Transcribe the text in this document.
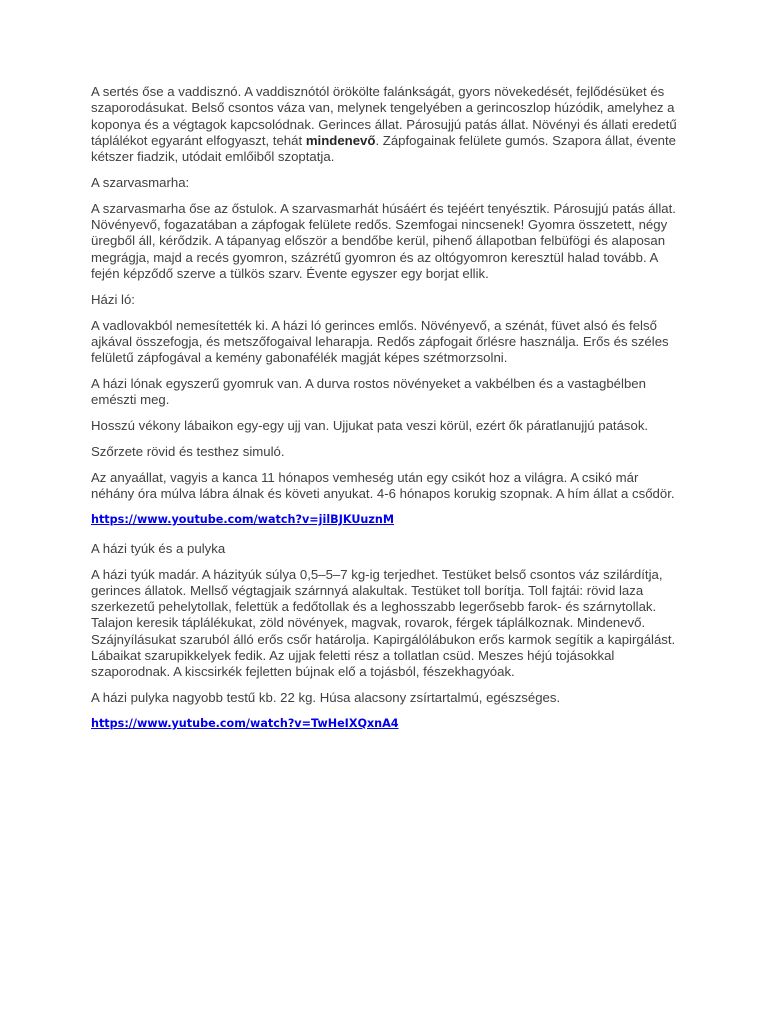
A sertés őse a vaddisznó. A vaddisznótól örökölte falánkságát, gyors növekedését, fejlődésüket és szaporodásukat. Belső csontos váza van, melynek tengelyében a gerincoszlop húzódik, amelyhez a koponya és a végtagok kapcsolódnak. Gerinces állat. Párosujjú patás állat. Növényi és állati eredetű táplálékot egyaránt elfogyaszt, tehát mindenevő. Zápfogainak felülete gumós. Szapora állat, évente kétszer fiadzik, utódait emlőiből szoptatja.

A szarvasmarha:

A szarvasmarha őse az őstulok. A szarvasmarhát húsáért és tejéért tenyésztik. Párosujjú patás állat. Növényevő, fogazatában a zápfogak felülete redős. Szemfogai nincsenek! Gyomra összetett, négy üregből áll, kérődzik. A tápanyag először a bendőbe kerül, pihenő állapotban felbüfögi és alaposan megrágja, majd a recés gyomron, százrétű gyomron és az oltógyomron keresztül halad tovább. A fején képződő szerve a tülkös szarv. Évente egyszer egy borjat ellik.

Házi ló:

A vadlovakból nemesítették ki. A házi ló gerinces emlős. Növényevő, a szénát, füvet alsó és felső ajkával összefogja, és metszőfogaival leharapja. Redős zápfogait őrlésre használja. Erős és széles felületű zápfogával a kemény gabonafélék magját képes szétmorzsolni.

A házi lónak egyszerű gyomruk van. A durva rostos növényeket a vakbélben és a vastagbélben emészti meg.

Hosszú vékony lábaikon egy-egy ujj van. Ujjukat pata veszi körül, ezért ők páratlanujjú patások.

Szőrzete rövid és testhez simuló.

Az anyaállat, vagyis a kanca 11 hónapos vemheség után egy csikót hoz a világra. A csikó már néhány óra múlva lábra álnak és követi anyukat. 4-6 hónapos korukig szopnak. A hím állat a csődör.

https://www.youtube.com/watch?v=jilBJKUuznM

A házi tyúk és a pulyka

A házi tyúk madár. A házityúk súlya 0,5–5–7 kg-ig terjedhet. Testüket belső csontos váz szilárdítja, gerinces állatok. Mellső végtagjaik szárnnyá alakultak. Testüket toll borítja. Toll fajtái: rövid laza szerkezetű pehelytollak, felettük a fedőtollak és a leghosszabb legerősebb farok- és szárnytollak. Talajon keresik táplálékukat, zöld növények, magvak, rovarok, férgek táplálkoznak. Mindenevő. Szájnyílásukat szaruból álló erős csőr határolja. Kapirgálólábukon erős karmok segítik a kapirgálást. Lábaikat szarupikkelyek fedik. Az ujjak feletti rész a tollatlan csüd. Meszes héjú tojásokkal szaporodnak. A kiscsirkék fejletten bújnak elő a tojásból, fészekhagyóak.

A házi pulyka nagyobb testű kb. 22 kg. Húsa alacsony zsírtartalmú, egészséges.

https://www.yutube.com/watch?v=TwHeIXQxnA4
